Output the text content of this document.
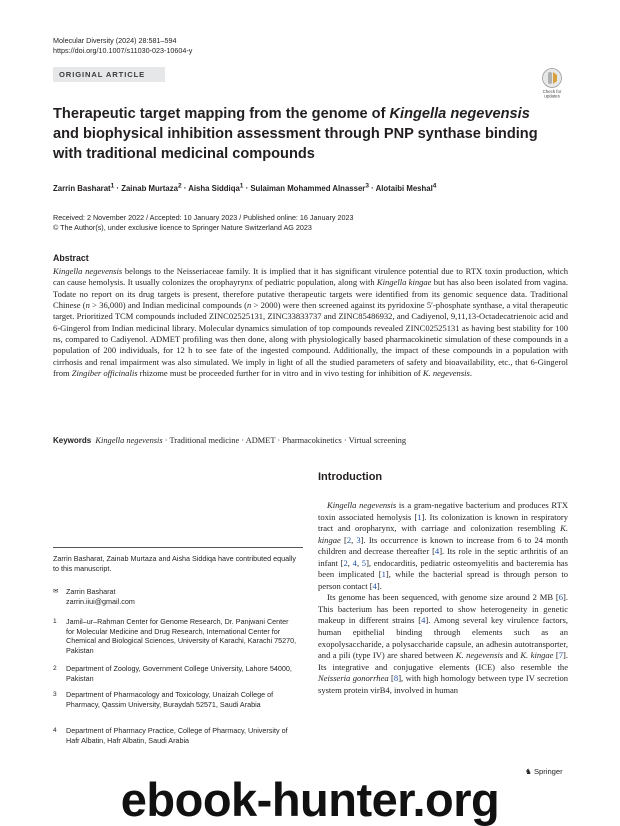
Molecular Diversity (2024) 28:581–594
https://doi.org/10.1007/s11030-023-10604-y
ORIGINAL ARTICLE
Check for
updates
Therapeutic target mapping from the genome of Kingella negevensis and biophysical inhibition assessment through PNP synthase binding with traditional medicinal compounds
Zarrin Basharat$^1$ · Zainab Murtaza$^2$ · Aisha Siddiqa$^1$ · Sulaiman Mohammed Alnasser$^3$ · Alotaibi Meshal$^4$
Received: 2 November 2022 / Accepted: 10 January 2023 / Published online: 16 January 2023
© The Author(s), under exclusive licence to Springer Nature Switzerland AG 2023
Abstract
Kingella negevensis belongs to the Neisseriaceae family. It is implied that it has significant virulence potential due to RTX toxin production, which can cause hemolysis. It usually colonizes the orophayrynx of pediatric population, along with Kingella kingae but has also been isolated from vagina. Todate no report on its drug targets is present, therefore putative therapeutic targets were identified from its genomic sequence data. Traditional Chinese (n > 36,000) and Indian medicinal compounds (n > 2000) were then screened against its pyridoxine 5′-phosphate synthase, a vital therapeutic target. Prioritized TCM compounds included ZINC02525131, ZINC33833737 and ZINC85486932, and Cadiyenol, 9,11,13-Octadecatrienoic acid and 6-Gingerol from Indian medicinal library. Molecular dynamics simulation of top compounds revealed ZINC02525131 as having best stability for 100 ns, compared to Cadiyenol. ADMET profiling was then done, along with physiologically based pharmacokinetic simulation of these compounds in a population of 200 individuals, for 12 h to see fate of the ingested compound. Additionally, the impact of these compounds in a population with cirrhosis and renal impairment was also simulated. We imply in light of all the studied parameters of safety and bioavailability, etc., that 6-Gingerol from Zingiber officinalis rhizome must be proceeded further for in vitro and in vivo testing for inhibition of K. negevensis.
Keywords Kingella negevensis · Traditional medicine · ADMET · Pharmacokinetics · Virtual screening
Introduction

Kingella negevensis is a gram-negative bacterium and produces RTX toxin associated hemolysis [1]. Its colonization is known in respiratory tract and oropharynx, with carriage and colonization resembling K. kingae [2, 3]. Its occurrence is known to increase from 6 to 24 month children and decrease thereafter [4]. Its role in the septic arthritis of an infant [2, 4, 5], endocarditis, pediatric osteomyelitis and bacteremia has been implicated [1], while the bacterial spread is through person to person contact [4].

Its genome has been sequenced, with genome size around 2 MB [6]. This bacterium has been reported to show heterogeneity in genetic makeup in different strains [4]. Among several key virulence factors, human epithelial binding through elements such as an exopolysaccharide, a polysaccharide capsule, an adhesin autotransporter, and a pili (type IV) are shared between K. negevensis and K. kingae [7]. Its integrative and conjugative elements (ICE) also resemble the Neisseria gonorrhea [8], with high homology between type IV secretion system protein virB4, involved in human

Zarrin Basharat, Zainab Murtaza and Aisha Siddiqa have contributed equally to this manuscript.
✉ Zarrin Basharat
zarrin.iiui@gmail.com
1 Jamil–ur–Rahman Center for Genome Research, Dr. Panjwani Center for Molecular Medicine and Drug Research, International Center for Chemical and Biological Sciences, University of Karachi, Karachi 75270, Pakistan
2 Department of Zoology, Government College University, Lahore 54000, Pakistan
3 Department of Pharmacology and Toxicology, Unaizah College of Pharmacy, Qassim University, Buraydah 52571, Saudi Arabia
4 Department of Pharmacy Practice, College of Pharmacy, University of Hafr Albatin, Hafr Albatin, Saudi Arabia
♞ Springer
ebook-hunter.org
